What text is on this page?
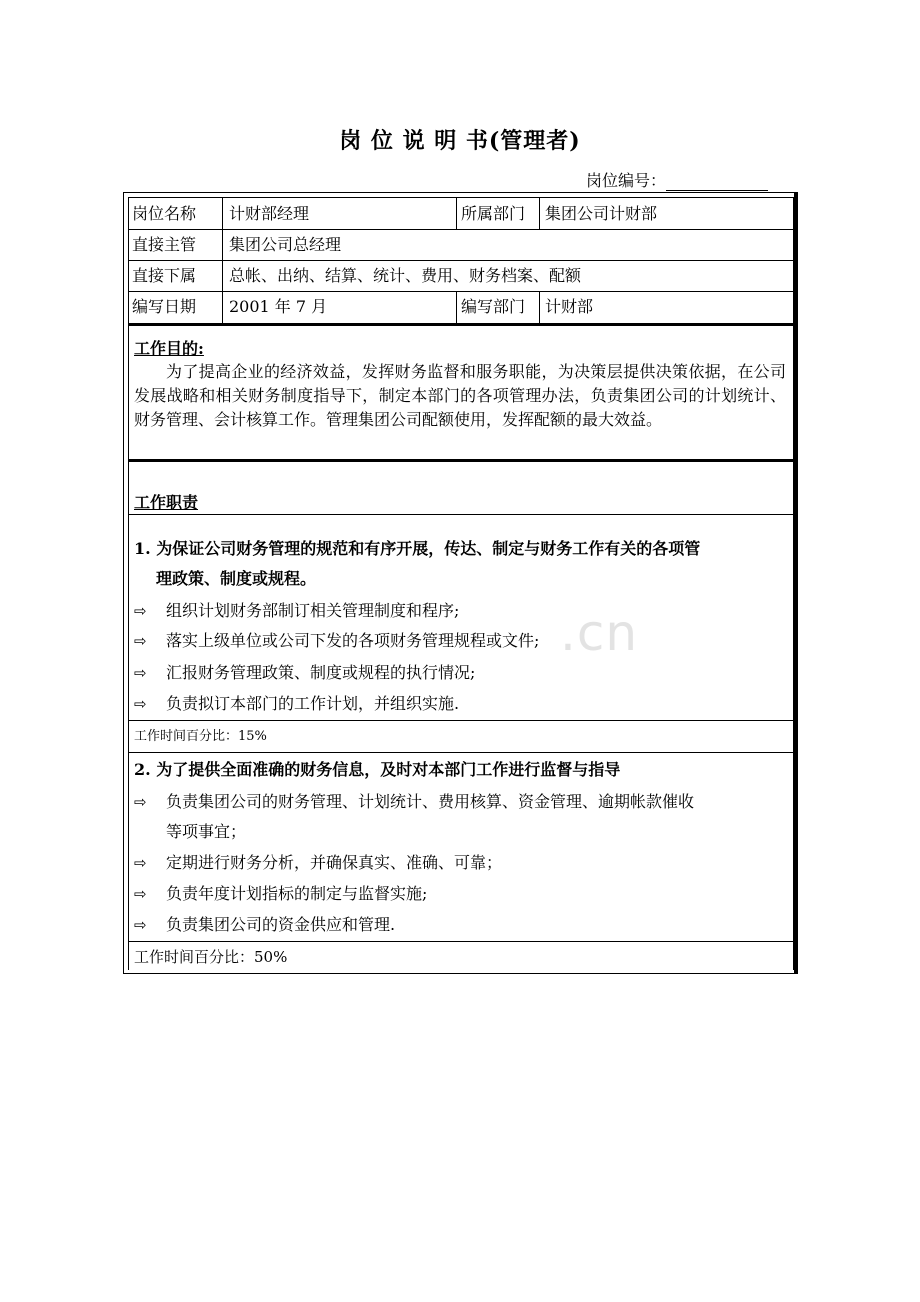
岗 位 说 明 书(管理者)
岗位编号：
岗位名称 计财部经理	所属部门 集团公司计财部
直接主管 集团公司总经理
直接下属 总帐、出纳、结算、统计、费用、财务档案、配额
编写日期 2001 年 7 月	编写部门 计财部
工作目的:
为了提高企业的经济效益，发挥财务监督和服务职能，为决策层提供决策依据，在公司发展战略和相关财务制度指导下，制定本部门的各项管理办法，负责集团公司的计划统计、财务管理、会计核算工作。管理集团公司配额使用，发挥配额的最大效益。
工作职责
1. 为保证公司财务管理的规范和有序开展，传达、制定与财务工作有关的各项管
理政策、制度或规程。
⇨ 组织计划财务部制订相关管理制度和程序;
⇨ 落实上级单位或公司下发的各项财务管理规程或文件;
⇨ 汇报财务管理政策、制度或规程的执行情况;
⇨ 负责拟订本部门的工作计划，并组织实施.
工作时间百分比：15%
2. 为了提供全面准确的财务信息，及时对本部门工作进行监督与指导
⇨ 负责集团公司的财务管理、计划统计、费用核算、资金管理、逾期帐款催收
等项事宜；
⇨ 定期进行财务分析，并确保真实、准确、可靠；
⇨ 负责年度计划指标的制定与监督实施;
⇨ 负责集团公司的资金供应和管理.
工作时间百分比：50%
.cn
